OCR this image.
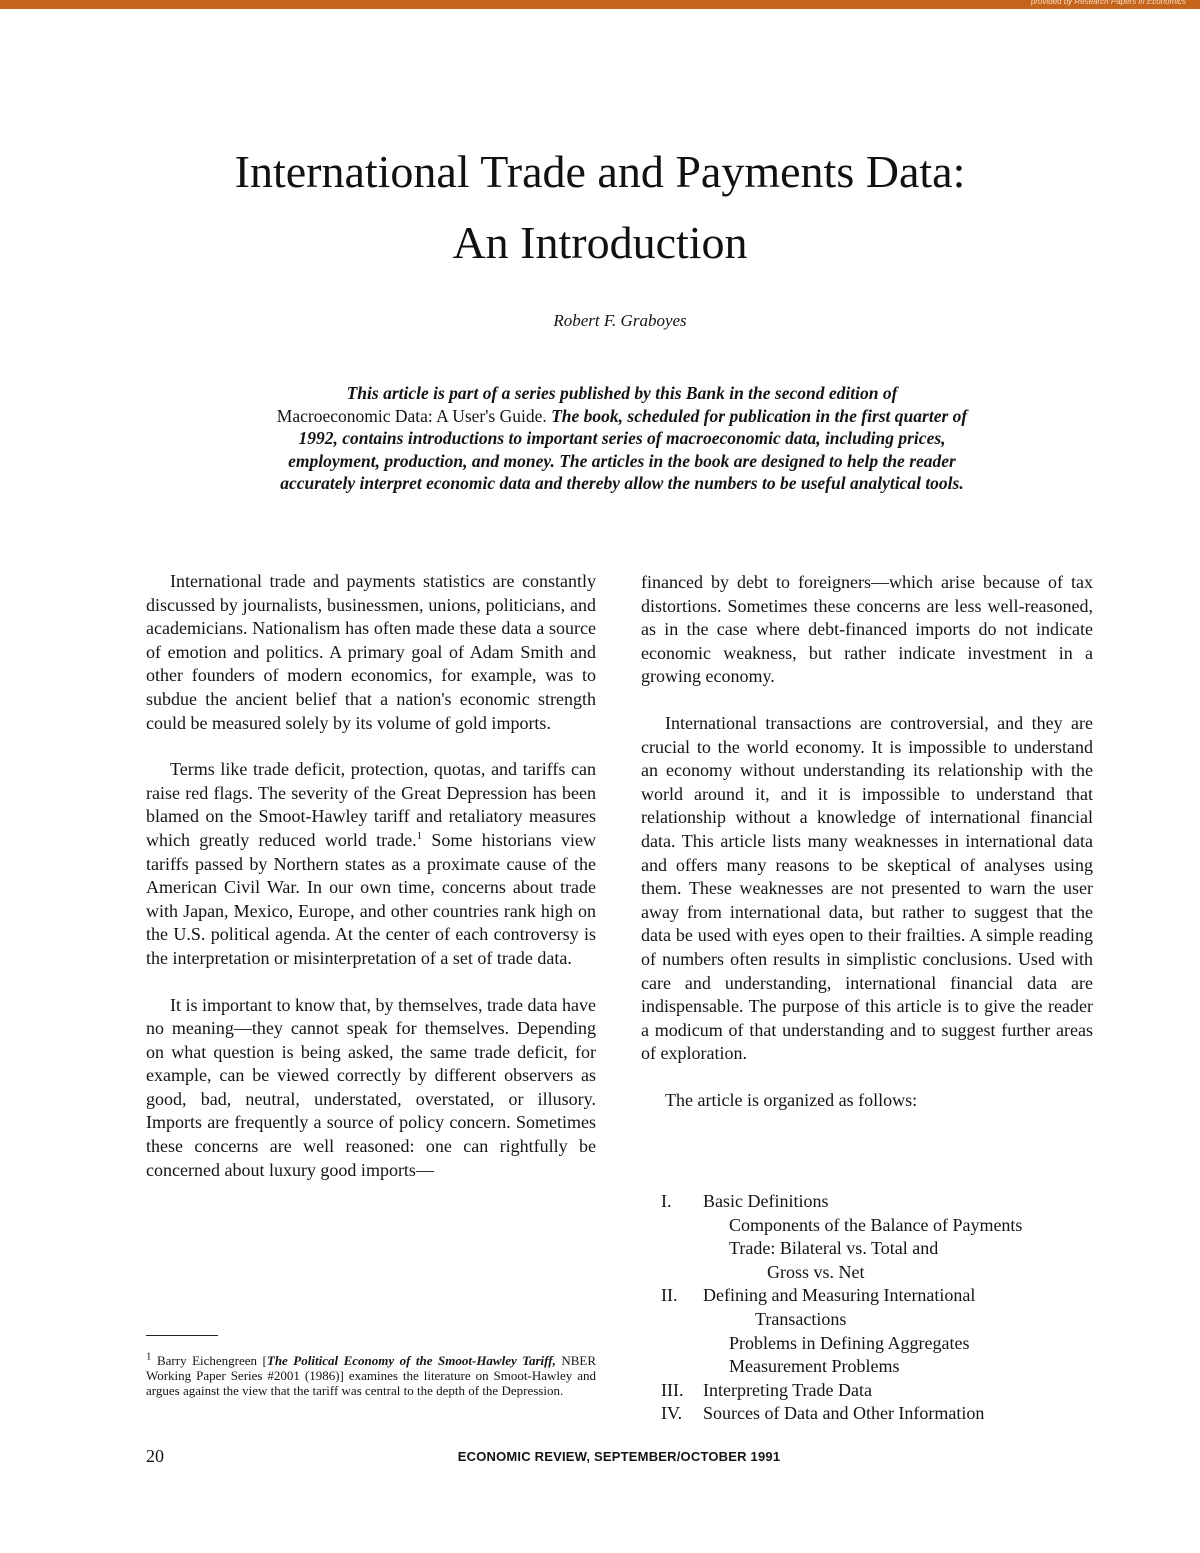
provided by Research Papers in Economics
International Trade and Payments Data:
An Introduction
Robert F. Graboyes
This article is part of a series published by this Bank in the second edition of
Macroeconomic Data: A User's Guide. The book, scheduled for publication in the first quarter of 1992, contains introductions to important series of macroeconomic data, including prices, employment, production, and money. The articles in the book are designed to help the reader accurately interpret economic data and thereby allow the numbers to be useful analytical tools.

International trade and payments statistics are constantly discussed by journalists, businessmen, unions, politicians, and academicians. Nationalism has often made these data a source of emotion and politics. A primary goal of Adam Smith and other founders of modern economics, for example, was to subdue the ancient belief that a nation's economic strength could be measured solely by its volume of gold imports.

Terms like trade deficit, protection, quotas, and tariffs can raise red flags. The severity of the Great Depression has been blamed on the Smoot-Hawley tariff and retaliatory measures which greatly reduced world trade.$^1$ Some historians view tariffs passed by Northern states as a proximate cause of the American Civil War. In our own time, concerns about trade with Japan, Mexico, Europe, and other countries rank high on the U.S. political agenda. At the center of each controversy is the interpretation or misinterpretation of a set of trade data.

It is important to know that, by themselves, trade data have no meaning—they cannot speak for themselves. Depending on what question is being asked, the same trade deficit, for example, can be viewed correctly by different observers as good, bad, neutral, understated, overstated, or illusory. Imports are frequently a source of policy concern. Sometimes these concerns are well reasoned: one can rightfully be concerned about luxury good imports—

financed by debt to foreigners—which arise because of tax distortions. Sometimes these concerns are less well-reasoned, as in the case where debt-financed imports do not indicate economic weakness, but rather indicate investment in a growing economy.

International transactions are controversial, and they are crucial to the world economy. It is impossible to understand an economy without understanding its relationship with the world around it, and it is impossible to understand that relationship without a knowledge of international financial data. This article lists many weaknesses in international data and offers many reasons to be skeptical of analyses using them. These weaknesses are not presented to warn the user away from international data, but rather to suggest that the data be used with eyes open to their frailties. A simple reading of numbers often results in simplistic conclusions. Used with care and understanding, international financial data are indispensable. The purpose of this article is to give the reader a modicum of that understanding and to suggest further areas of exploration.

The article is organized as follows:

I.	Basic Definitions
Components of the Balance of Payments
Trade: Bilateral vs. Total and
Gross vs. Net
II.	Defining and Measuring International
Transactions
Problems in Defining Aggregates
Measurement Problems
III.	Interpreting Trade Data
IV.	Sources of Data and Other Information
$^1$ Barry Eichengreen [The Political Economy of the Smoot-Hawley Tariff, NBER Working Paper Series #2001 (1986)] examines the literature on Smoot-Hawley and argues against the view that the tariff was central to the depth of the Depression.
20	ECONOMIC REVIEW, SEPTEMBER/OCTOBER 1991
